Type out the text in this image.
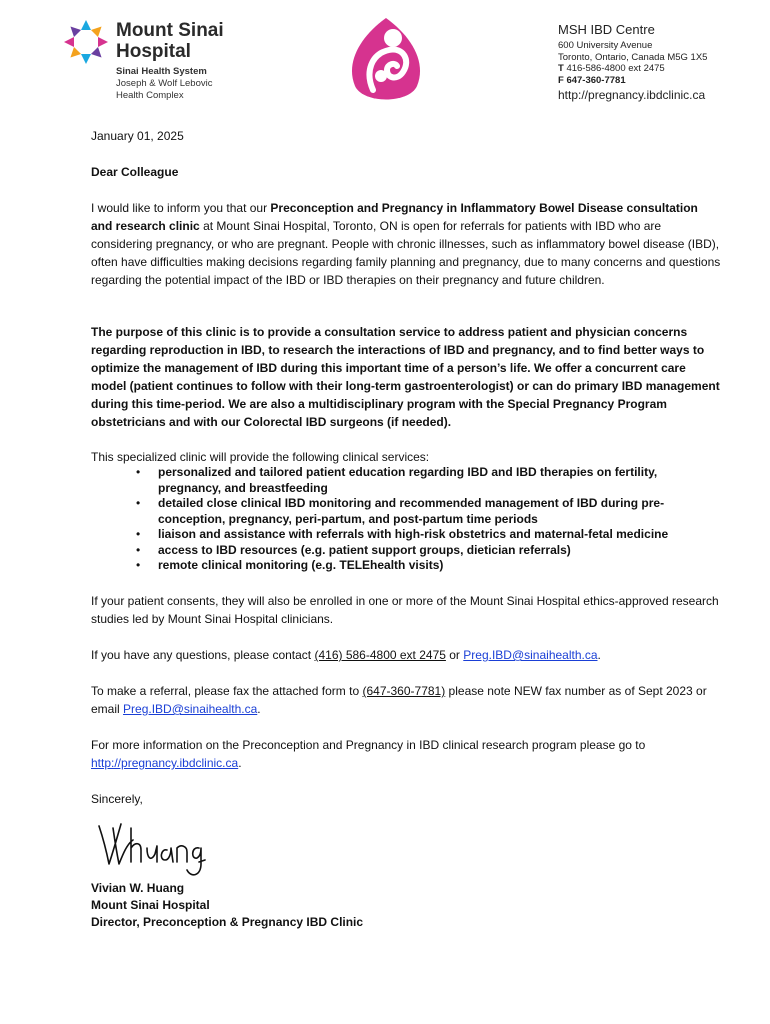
Mount Sinai Hospital
Sinai Health System
Joseph & Wolf Lebovic
Health Complex
MSH IBD Centre
600 University Avenue
Toronto, Ontario, Canada M5G 1X5
T 416-586-4800 ext 2475
F 647-360-7781
http://pregnancy.ibdclinic.ca

January 01, 2025

Dear Colleague

I would like to inform you that our Preconception and Pregnancy in Inflammatory Bowel Disease consultation and research clinic at Mount Sinai Hospital, Toronto, ON is open for referrals for patients with IBD who are considering pregnancy, or who are pregnant. People with chronic illnesses, such as inflammatory bowel disease (IBD), often have difficulties making decisions regarding family planning and pregnancy, due to many concerns and questions regarding the potential impact of the IBD or IBD therapies on their pregnancy and future children.

The purpose of this clinic is to provide a consultation service to address patient and physician concerns regarding reproduction in IBD, to research the interactions of IBD and pregnancy, and to find better ways to optimize the management of IBD during this important time of a person’s life. We offer a concurrent care model (patient continues to follow with their long-term gastroenterologist) or can do primary IBD management during this time-period. We are also a multidisciplinary program with the Special Pregnancy Program obstetricians and with our Colorectal IBD surgeons (if needed).

This specialized clinic will provide the following clinical services:

• personalized and tailored patient education regarding IBD and IBD therapies on fertility, pregnancy, and breastfeeding
• detailed close clinical IBD monitoring and recommended management of IBD during pre-conception, pregnancy, peri-partum, and post-partum time periods
• liaison and assistance with referrals with high-risk obstetrics and maternal-fetal medicine
• access to IBD resources (e.g. patient support groups, dietician referrals)
• remote clinical monitoring (e.g. TELEhealth visits)

If your patient consents, they will also be enrolled in one or more of the Mount Sinai Hospital ethics-approved research studies led by Mount Sinai Hospital clinicians.

If you have any questions, please contact (416) 586-4800 ext 2475 or Preg.IBD@sinaihealth.ca.

To make a referral, please fax the attached form to (647-360-7781) please note NEW fax number as of Sept 2023 or email Preg.IBD@sinaihealth.ca.

For more information on the Preconception and Pregnancy in IBD clinical research program please go to http://pregnancy.ibdclinic.ca.

Sincerely,

Vivian W. Huang
Mount Sinai Hospital
Director, Preconception & Pregnancy IBD Clinic
